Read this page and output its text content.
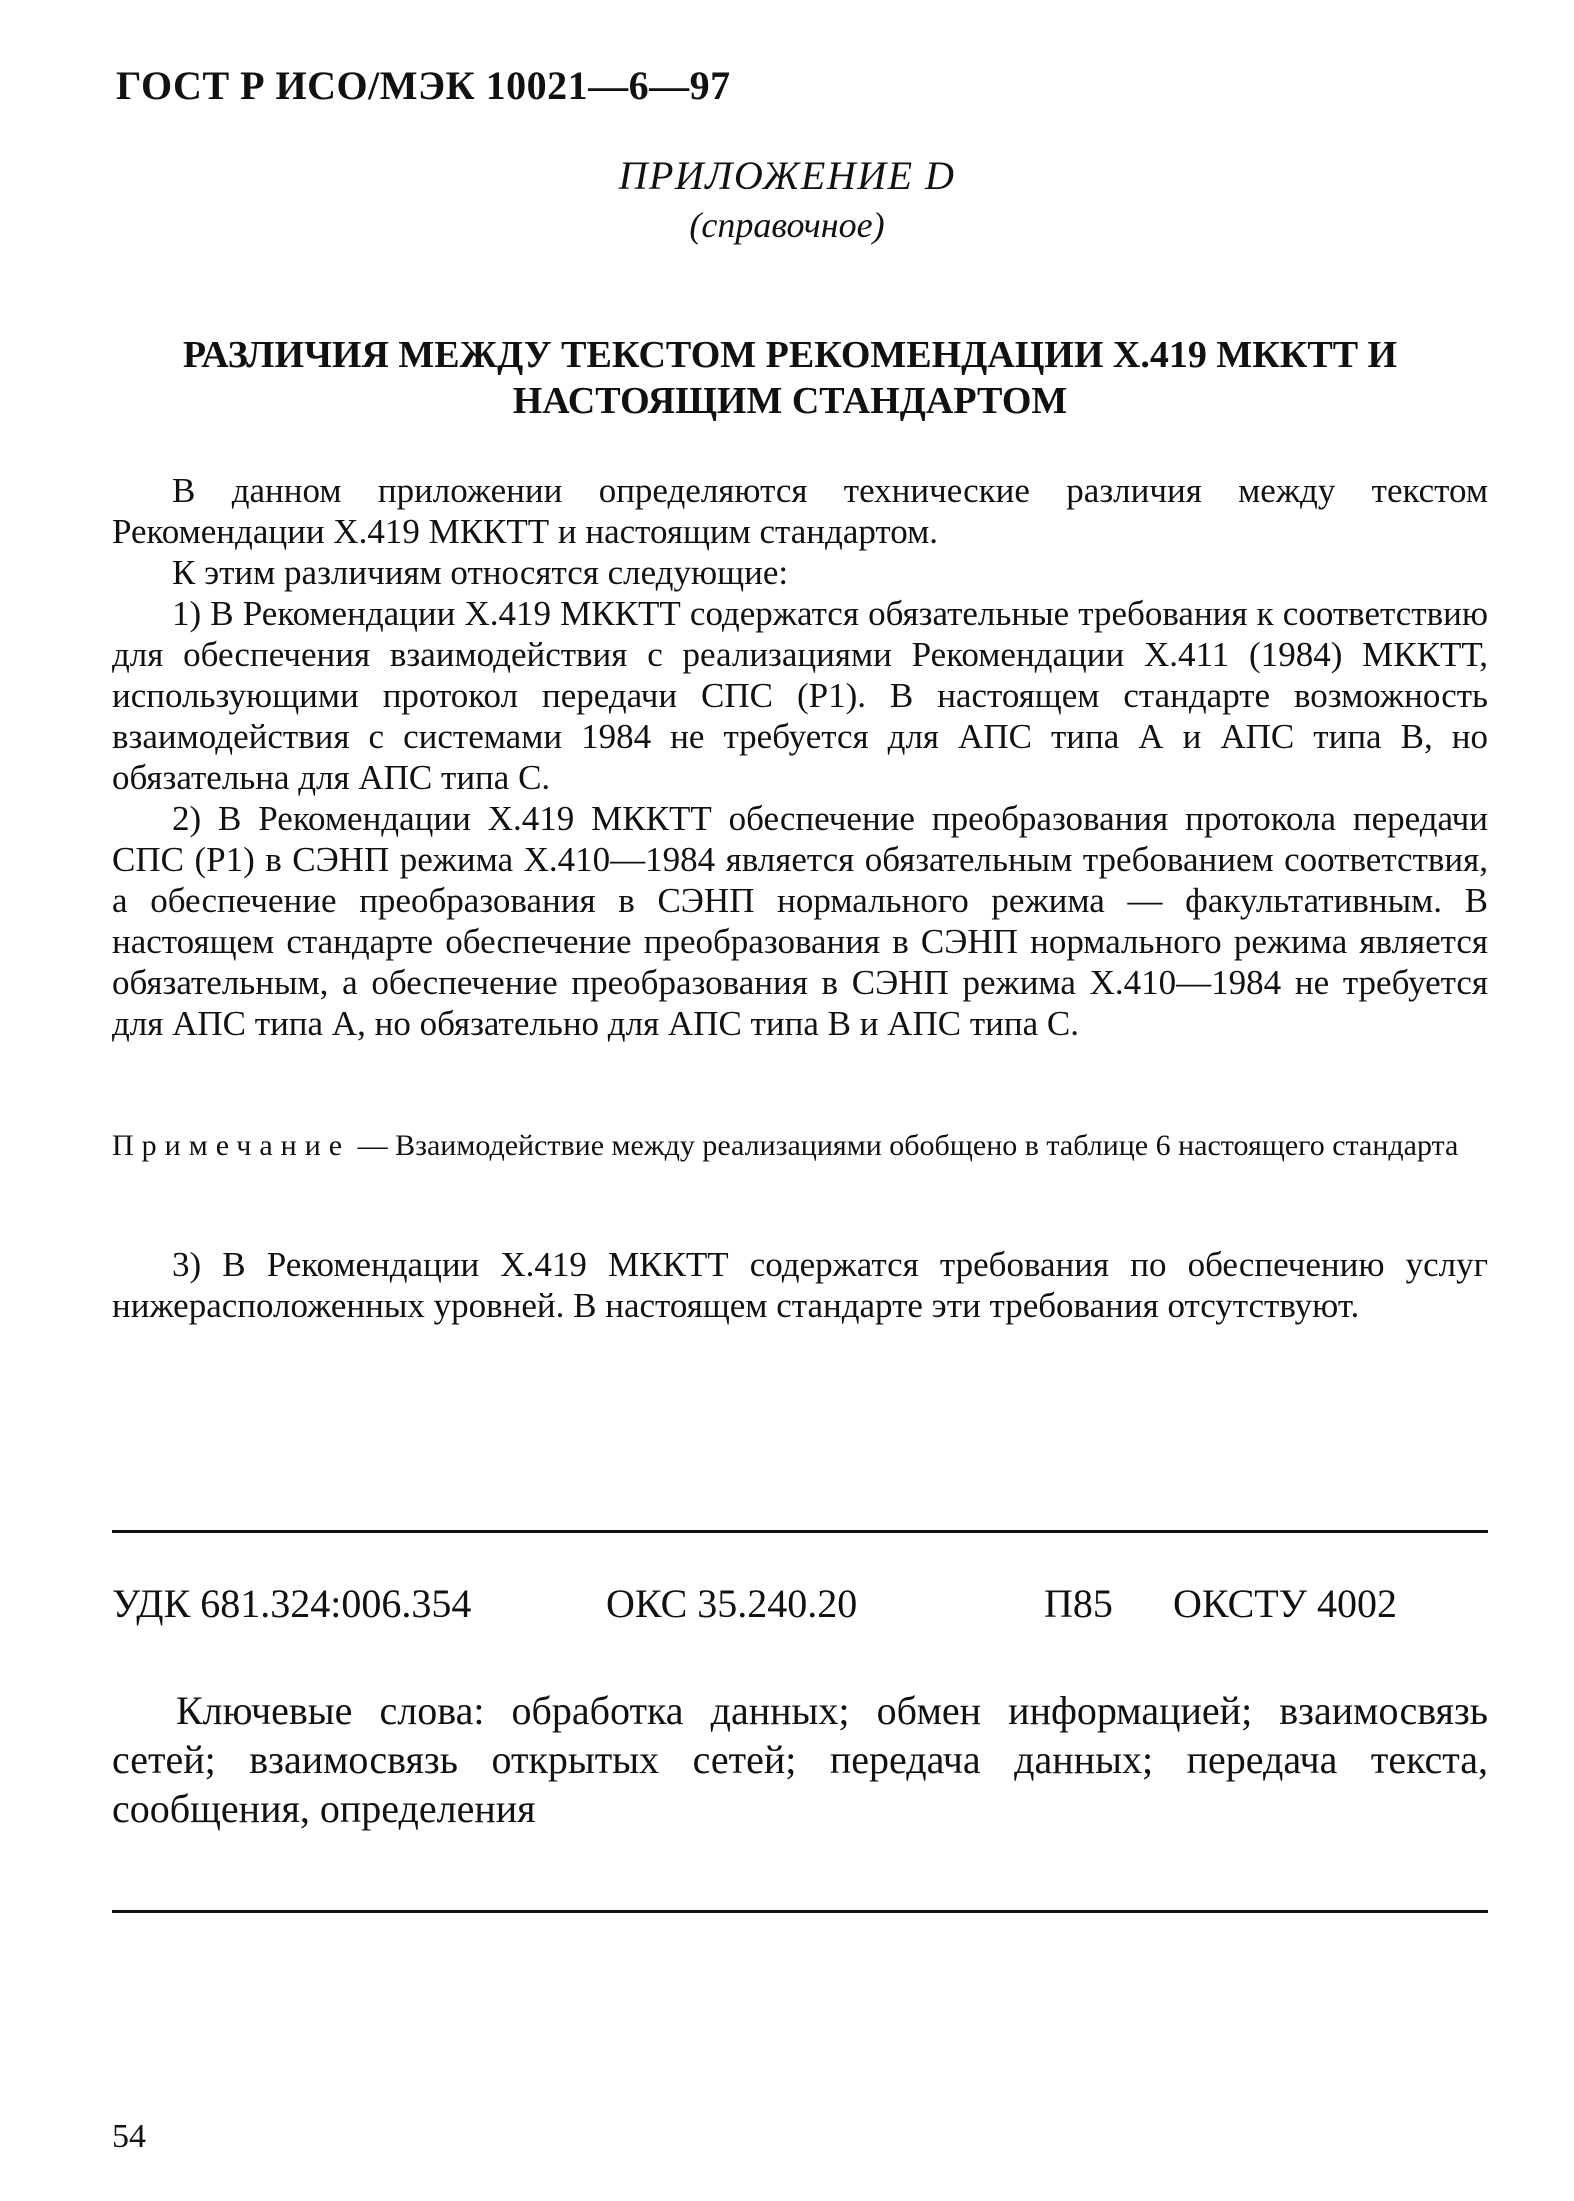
ГОСТ Р ИСО/МЭК 10021—6—97
ПРИЛОЖЕНИЕ D
(справочное)
РАЗЛИЧИЯ МЕЖДУ ТЕКСТОМ РЕКОМЕНДАЦИИ X.419 МККТТ И НАСТОЯЩИМ СТАНДАРТОМ

В данном приложении определяются технические различия между текстом Рекомендации X.419 МККТТ и настоящим стандартом.

К этим различиям относятся следующие:

1) В Рекомендации X.419 МККТТ содержатся обязательные требования к соответствию для обеспечения взаимодействия с реализациями Рекомендации X.411 (1984) МККТТ, использующими протокол передачи СПС (P1). В настоящем стандарте возможность взаимодействия с системами 1984 не требуется для АПС типа А и АПС типа В, но обязательна для АПС типа С.

2) В Рекомендации X.419 МККТТ обеспечение преобразования протокола передачи СПС (P1) в СЭНП режима X.410—1984 является обязательным требованием соответствия, а обеспечение преобразования в СЭНП нормального режима — факультативным. В настоящем стандарте обеспечение преобразования в СЭНП нормального режима является обязательным, а обеспечение преобразования в СЭНП режима X.410—1984 не требуется для АПС типа А, но обязательно для АПС типа В и АПС типа С.

Примечание — Взаимодействие между реализациями обобщено в таблице 6 настоящего стандарта

3) В Рекомендации X.419 МККТТ содержатся требования по обеспечению услуг нижерасположенных уровней. В настоящем стандарте эти требования отсутствуют.

УДК 681.324:006.354	ОКС 35.240.20	П85 ОКСТУ 4002

Ключевые слова: обработка данных; обмен информацией; взаимосвязь сетей; взаимосвязь открытых сетей; передача данных; передача текста, сообщения, определения

54
